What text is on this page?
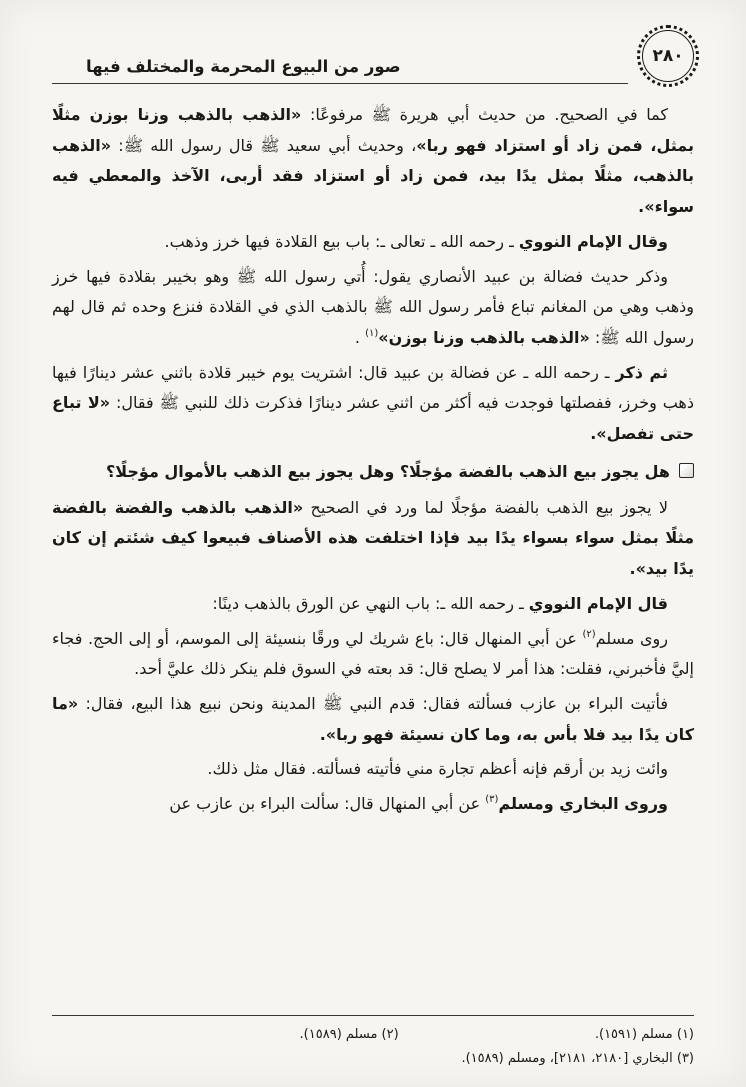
٢٨٠
صور من البيوع المحرمة والمختلف فيها

كما في الصحيح. من حديث أبي هريرة ﷺ مرفوعًا: «الذهب بالذهب وزنا بوزن مثلًا بمثل، فمن زاد أو استزاد فهو ربا»، وحديث أبي سعيد ﷺ قال رسول الله ﷺ: «الذهب بالذهب، مثلًا بمثل يدًا بيد، فمن زاد أو استزاد فقد أربى، الآخذ والمعطي فيه سواء».

وقال الإمام النووي ـ رحمه الله ـ تعالى ـ: باب بيع القلادة فيها خرز وذهب.

وذكر حديث فضالة بن عبيد الأنصاري يقول: أُتي رسول الله ﷺ وهو بخيبر بقلادة فيها خرز وذهب وهي من المغانم تباع فأمر رسول الله ﷺ بالذهب الذي في القلادة فنزع وحده ثم قال لهم رسول الله ﷺ: «الذهب بالذهب وزنا بوزن»$^{(١)}$ .

ثم ذكر ـ رحمه الله ـ عن فضالة بن عبيد قال: اشتريت يوم خيبر قلادة باثني عشر دينارًا فيها ذهب وخرز، ففصلتها فوجدت فيه أكثر من اثني عشر دينارًا فذكرت ذلك للنبي ﷺ فقال: «لا تباع حتى تفصل».

هل يجوز بيع الذهب بالفضة مؤجلًا؟ وهل يجوز بيع الذهب بالأموال مؤجلًا؟

لا يجوز بيع الذهب بالفضة مؤجلًا لما ورد في الصحيح «الذهب بالذهب والفضة بالفضة مثلًا بمثل سواء بسواء يدًا بيد فإذا اختلفت هذه الأصناف فبيعوا كيف شئتم إن كان يدًا بيد».

قال الإمام النووي ـ رحمه الله ـ: باب النهي عن الورق بالذهب دينًا:

روى مسلم$^{(٢)}$ عن أبي المنهال قال: باع شريك لي ورقًا بنسيئة إلى الموسم، أو إلى الحج. فجاء إليَّ فأخبرني، فقلت: هذا أمر لا يصلح قال: قد بعته في السوق فلم ينكر ذلك عليَّ أحد.

فأتيت البراء بن عازب فسألته فقال: قدم النبي ﷺ المدينة ونحن نبيع هذا البيع، فقال: «ما كان يدًا بيد فلا بأس به، وما كان نسيئة فهو ربا».

وائت زيد بن أرقم فإنه أعظم تجارة مني فأتيته فسألته. فقال مثل ذلك.

وروى البخاري ومسلم$^{(٣)}$ عن أبي المنهال قال: سألت البراء بن عازب عن

(١) مسلم (١٥٩١).
(٢) مسلم (١٥٨٩).
(٣) البخاري [٢١٨٠، ٢١٨١]، ومسلم (١٥٨٩).
